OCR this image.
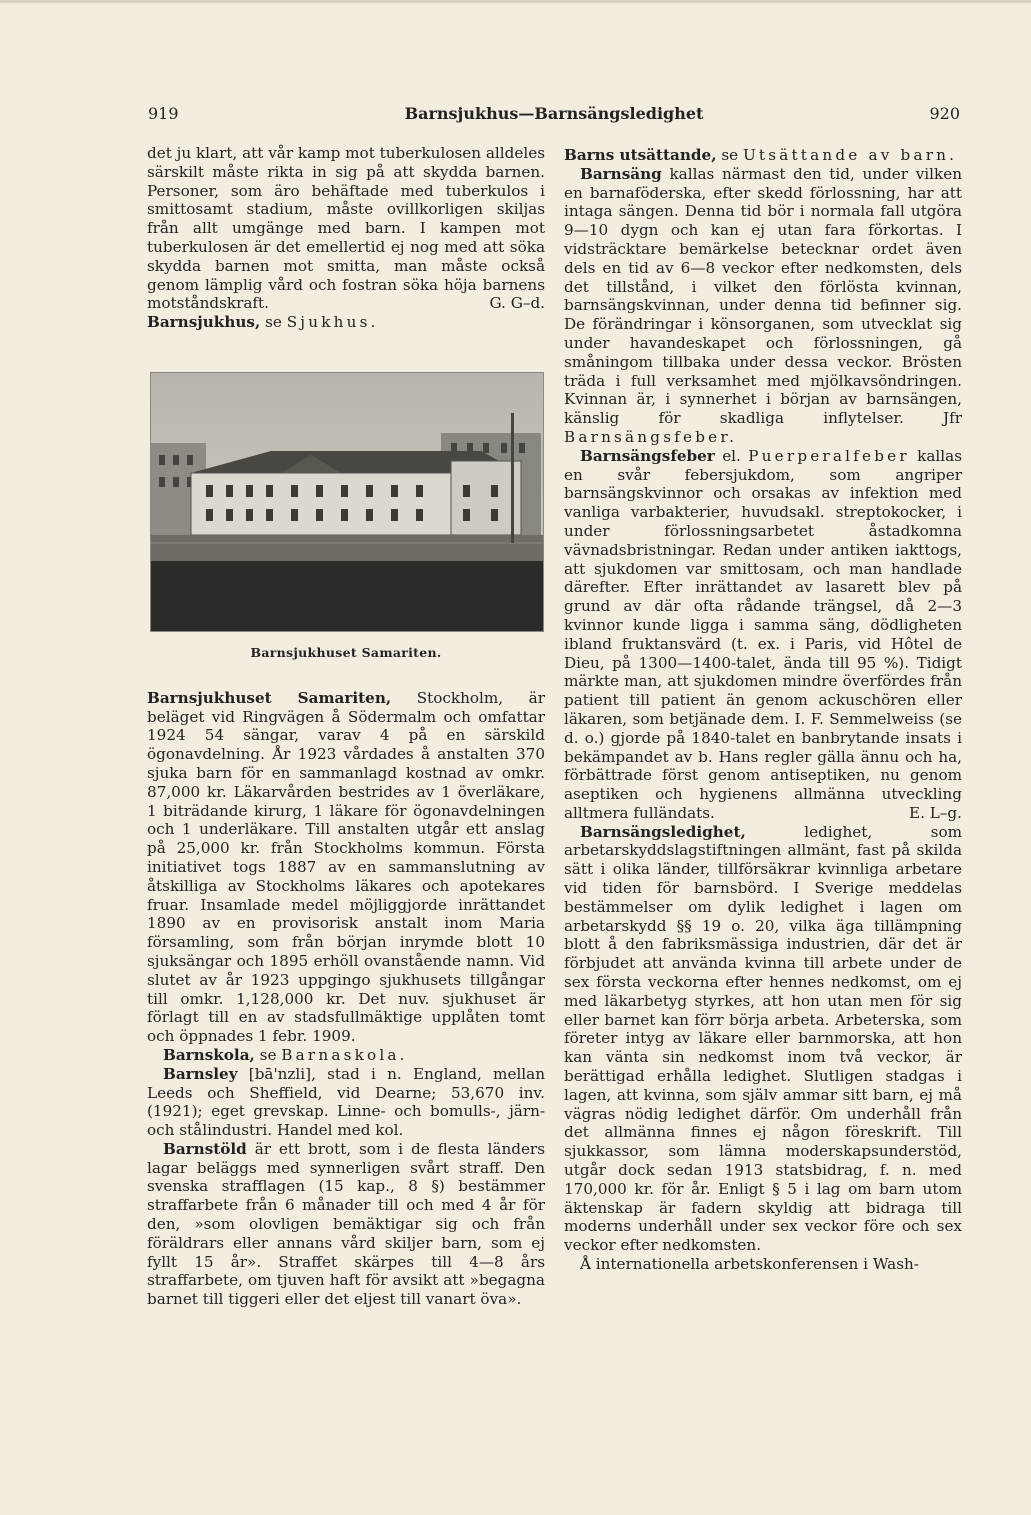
919	Barnsjukhus—Barnsängsledighet	920

det ju klart, att vår kamp mot tuberkulosen alldeles särskilt måste rikta in sig på att skydda barnen. Personer, som äro behäftade med tuberkulos i smittosamt stadium, måste ovillkorligen skiljas från allt umgänge med barn. I kampen mot tuberkulosen är det emellertid ej nog med att söka skydda barnen mot smitta, man måste också genom lämplig vård och fostran söka höja barnens motståndskraft.	G. G–d.

Barnsjukhus, se Sjukhus.

Barnsjukhuset Samariten.

Barnsjukhuset Samariten, Stockholm, är beläget vid Ringvägen å Södermalm och omfattar 1924 54 sängar, varav 4 på en särskild ögonavdelning. År 1923 vårdades å anstalten 370 sjuka barn för en sammanlagd kostnad av omkr. 87,000 kr. Läkarvården bestrides av 1 överläkare, 1 biträdande kirurg, 1 läkare för ögonavdelningen och 1 underläkare. Till anstalten utgår ett anslag på 25,000 kr. från Stockholms kommun. Första initiativet togs 1887 av en sammanslutning av åtskilliga av Stockholms läkares och apotekares fruar. Insamlade medel möjliggjorde inrättandet 1890 av en provisorisk anstalt inom Maria församling, som från början inrymde blott 10 sjuksängar och 1895 erhöll ovanstående namn. Vid slutet av år 1923 uppgingo sjukhusets tillgångar till omkr. 1,128,000 kr. Det nuv. sjukhuset är förlagt till en av stadsfullmäktige upplåten tomt och öppnades 1 febr. 1909.

Barnskola, se Barnaskola.

Barnsley [bā'nzli], stad i n. England, mellan Leeds och Sheffield, vid Dearne; 53,670 inv. (1921); eget grevskap. Linne- och bomulls-, järn- och stålindustri. Handel med kol.

Barnstöld är ett brott, som i de flesta länders lagar beläggs med synnerligen svårt straff. Den svenska strafflagen (15 kap., 8 §) bestämmer straffarbete från 6 månader till och med 4 år för den, »som olovligen bemäktigar sig och från föräldrars eller annans vård skiljer barn, som ej fyllt 15 år». Straffet skärpes till 4—8 års straffarbete, om tjuven haft för avsikt att »begagna barnet till tiggeri eller det eljest till vanart öva».

Barns utsättande, se Utsättande av barn.

Barnsäng kallas närmast den tid, under vilken en barnaföderska, efter skedd förlossning, har att intaga sängen. Denna tid bör i normala fall utgöra 9—10 dygn och kan ej utan fara förkortas. I vidsträcktare bemärkelse betecknar ordet även dels en tid av 6—8 veckor efter nedkomsten, dels det tillstånd, i vilket den förlösta kvinnan, barnsängskvinnan, under denna tid befinner sig. De förändringar i könsorganen, som utvecklat sig under havandeskapet och förlossningen, gå småningom tillbaka under dessa veckor. Brösten träda i full verksamhet med mjölkavsöndringen. Kvinnan är, i synnerhet i början av barnsängen, känslig för skadliga inflytelser. Jfr Barnsängsfeber.

Barnsängsfeber el. Puerperalfeber kallas en svår febersjukdom, som angriper barnsängskvinnor och orsakas av infektion med vanliga varbakterier, huvudsakl. streptokocker, i under förlossningsarbetet åstadkomna vävnadsbristningar. Redan under antiken iakttogs, att sjukdomen var smittosam, och man handlade därefter. Efter inrättandet av lasarett blev på grund av där ofta rådande trängsel, då 2—3 kvinnor kunde ligga i samma säng, dödligheten ibland fruktansvärd (t. ex. i Paris, vid Hôtel de Dieu, på 1300—1400-talet, ända till 95 %). Tidigt märkte man, att sjukdomen mindre överfördes från patient till patient än genom ackuschören eller läkaren, som betjänade dem. I. F. Semmelweiss (se d. o.) gjorde på 1840-talet en banbrytande insats i bekämpandet av b. Hans regler gälla ännu och ha, förbättrade först genom antiseptiken, nu genom aseptiken och hygienens allmänna utveckling alltmera fulländats.	E. L–g.

Barnsängsledighet, ledighet, som arbetarskyddslagstiftningen allmänt, fast på skilda sätt i olika länder, tillförsäkrar kvinnliga arbetare vid tiden för barnsbörd. I Sverige meddelas bestämmelser om dylik ledighet i lagen om arbetarskydd §§ 19 o. 20, vilka äga tillämpning blott å den fabriksmässiga industrien, där det är förbjudet att använda kvinna till arbete under de sex första veckorna efter hennes nedkomst, om ej med läkarbetyg styrkes, att hon utan men för sig eller barnet kan förr börja arbeta. Arbeterska, som företer intyg av läkare eller barnmorska, att hon kan vänta sin nedkomst inom två veckor, är berättigad erhålla ledighet. Slutligen stadgas i lagen, att kvinna, som själv ammar sitt barn, ej må vägras nödig ledighet därför. Om underhåll från det allmänna finnes ej någon föreskrift. Till sjukkassor, som lämna moderskapsunderstöd, utgår dock sedan 1913 statsbidrag, f. n. med 170,000 kr. för år. Enligt § 5 i lag om barn utom äktenskap är fadern skyldig att bidraga till moderns underhåll under sex veckor före och sex veckor efter nedkomsten.

Å internationella arbetskonferensen i Wash-
